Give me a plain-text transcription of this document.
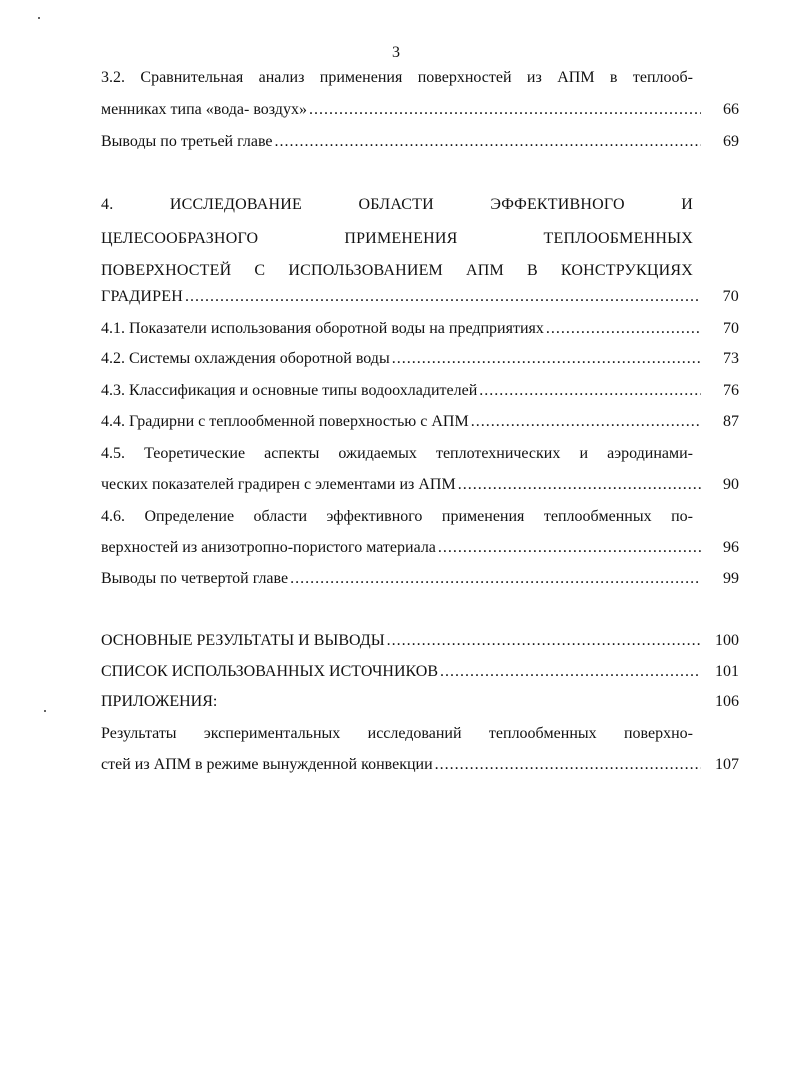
3
3.2. Сравнительная анализ применения поверхностей из АПМ в теплооб-
менниках типа «вода- воздух» .....	66
Выводы по третьей главе .....	69
4.      ИССЛЕДОВАНИЕ      ОБЛАСТИ      ЭФФЕКТИВНОГО      И
ЦЕЛЕСООБРАЗНОГО      ПРИМЕНЕНИЯ      ТЕПЛООБМЕННЫХ
ПОВЕРХНОСТЕЙ С ИСПОЛЬЗОВАНИЕМ АПМ В КОНСТРУКЦИЯХ
ГРАДИРЕН .....	70
4.1. Показатели использования оборотной воды на предприятиях .....	70
4.2. Системы охлаждения оборотной воды .....	73
4.3. Классификация и основные типы водоохладителей .....	76
4.4. Градирни с теплообменной поверхностью с АПМ .....	87
4.5. Теоретические аспекты ожидаемых теплотехнических и аэродинами-
ческих показателей градирен с элементами из АПМ .....	90
4.6. Определение области эффективного применения теплообменных по-
верхностей из анизотропно-пористого материала .....	96
Выводы по четвертой главе .....	99
ОСНОВНЫЕ РЕЗУЛЬТАТЫ И ВЫВОДЫ .....	100
СПИСОК ИСПОЛЬЗОВАННЫХ ИСТОЧНИКОВ .....	101
ПРИЛОЖЕНИЯ:	106
Результаты экспериментальных исследований теплообменных поверхно-
стей из АПМ в режиме вынужденной конвекции .....	107
